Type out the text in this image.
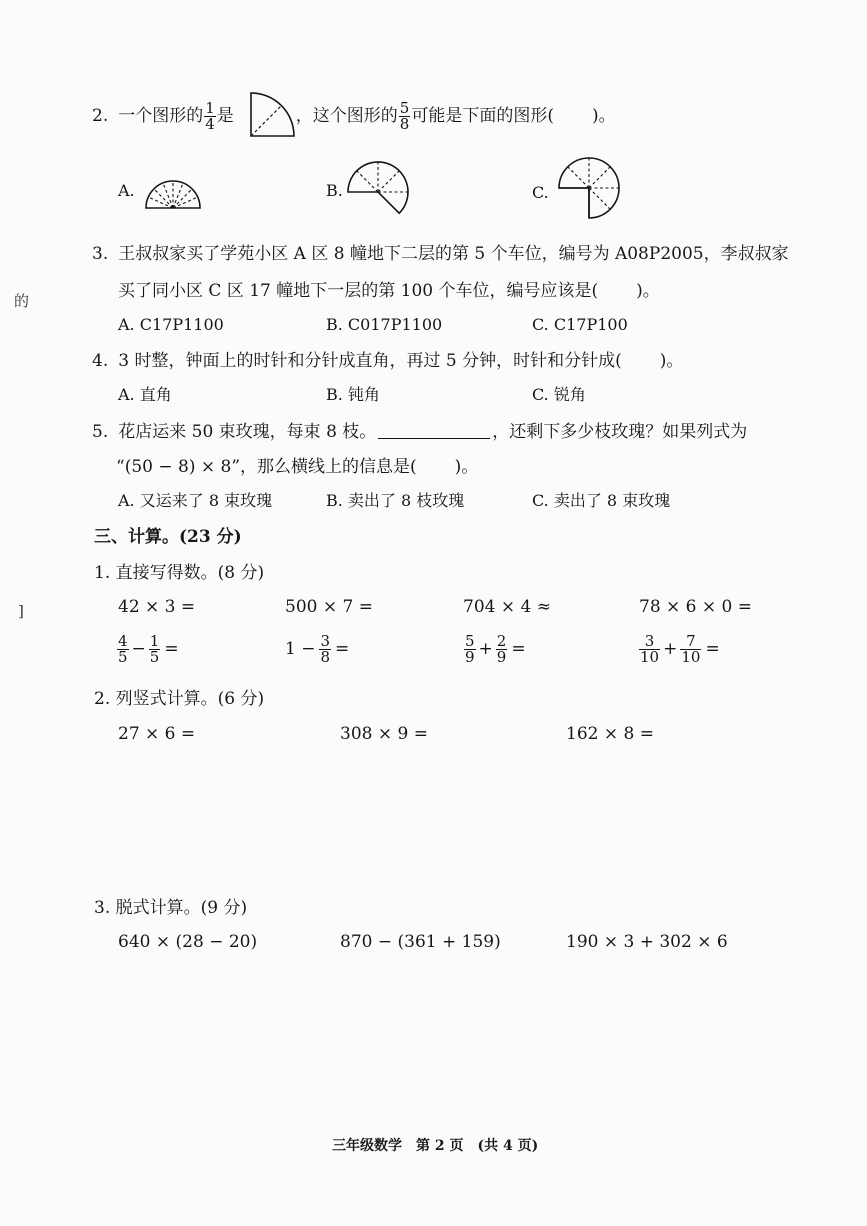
的
]
2. 一个图形的 $\frac{1}{4}$ 是	，这个图形的 $\frac{5}{8}$ 可能是下面的图形( )。
A.	B.	C.
3. 王叔叔家买了学苑小区 A 区 8 幢地下二层的第 5 个车位，编号为 A08P2005，李叔叔家
买了同小区 C 区 17 幢地下一层的第 100 个车位，编号应该是( )。
A. C17P1100	B. C017P1100	C. C17P100
4. 3 时整，钟面上的时针和分针成直角，再过 5 分钟，时针和分针成( )。
A. 直角	B. 钝角	C. 锐角
5. 花店运来 50 束玫瑰，每束 8 枝。	，还剩下多少枝玫瑰？如果列式为
“(50 − 8) × 8”，那么横线上的信息是( )。
A. 又运来了 8 束玫瑰	B. 卖出了 8 枝玫瑰	C. 卖出了 8 束玫瑰
三、计算。(23 分)
1. 直接写得数。(8 分)
42 × 3 =	500 × 7 =	704 × 4 ≈	78 × 6 × 0 =
$\frac{4}{5} - \frac{1}{5}$ =	$1 - \frac{3}{8}$ =	$\frac{5}{9} + \frac{2}{9}$ =	$\frac{3}{10} + \frac{7}{10}$ =
2. 列竖式计算。(6 分)
27 × 6 =	308 × 9 =	162 × 8 =
3. 脱式计算。(9 分)
640 × (28 − 20)	870 − (361 + 159)	190 × 3 + 302 × 6
三年级数学　第 2 页　(共 4 页)
